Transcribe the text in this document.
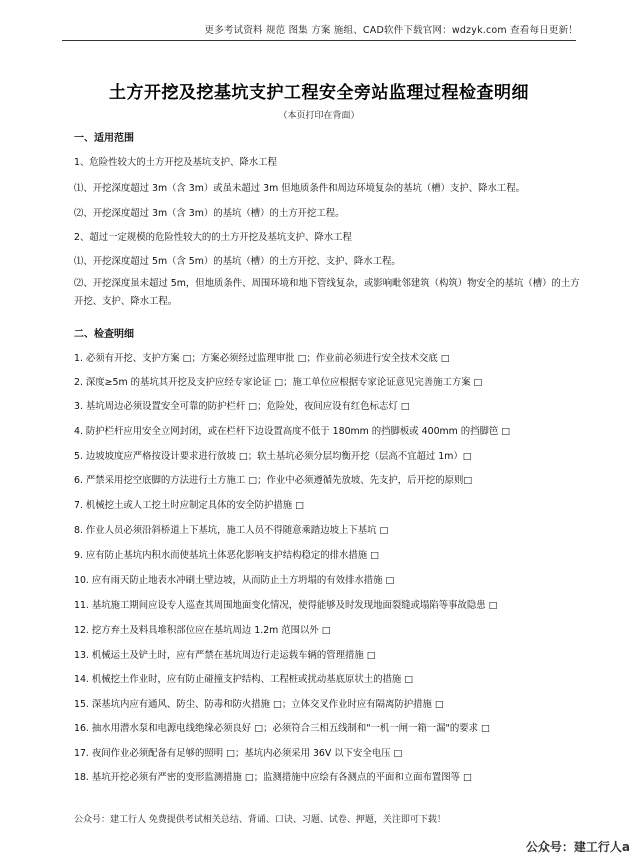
更多考试资料 规范 图集 方案 施组、CAD软件下载官网：wdzyk.com 查看每日更新！
土方开挖及挖基坑支护工程安全旁站监理过程检查明细
（本页打印在背面）
一、适用范围
1、危险性较大的土方开挖及基坑支护、降水工程
⑴、开挖深度超过 3m（含 3m）或虽未超过 3m 但地质条件和周边环境复杂的基坑（槽）支护、降水工程。
⑵、开挖深度超过 3m（含 3m）的基坑（槽）的土方开挖工程。
2、超过一定规模的危险性较大的的土方开挖及基坑支护、降水工程
⑴、开挖深度超过 5m（含 5m）的基坑（槽）的土方开挖、支护、降水工程。
⑵、开挖深度虽未超过 5m，但地质条件、周围环境和地下管线复杂，或影响毗邻建筑（构筑）物安全的基坑（槽）的土方开挖、支护、降水工程。
二、检查明细
1. 必须有开挖、支护方案 □；方案必须经过监理审批 □；作业前必须进行安全技术交底 □
2. 深度≥5m 的基坑其开挖及支护应经专家论证 □；施工单位应根据专家论证意见完善施工方案 □
3. 基坑周边必须设置安全可靠的防护栏杆 □；危险处，夜间应设有红色标志灯 □
4. 防护栏杆应用安全立网封闭，或在栏杆下边设置高度不低于 180mm 的挡脚板或 400mm 的挡脚笆 □
5. 边坡坡度应严格按设计要求进行放坡 □；软土基坑必须分层均衡开挖（层高不宜超过 1m）□
6. 严禁采用挖空底脚的方法进行土方施工 □；作业中必须遵循先放坡、先支护，后开挖的原则□
7. 机械挖土或人工挖土时应制定具体的安全防护措施 □
8. 作业人员必须沿斜桥道上下基坑，施工人员不得随意乘踏边坡上下基坑 □
9. 应有防止基坑内积水而使基坑土体恶化影响支护结构稳定的排水措施 □
10. 应有雨天防止地表水冲刷土壁边坡，从而防止土方坍塌的有效排水措施 □
11. 基坑施工期间应设专人巡查其周围地面变化情况，使得能够及时发现地面裂缝或塌陷等事故隐患 □
12. 挖方弃土及料具堆积部位应在基坑周边 1.2m 范围以外 □
13. 机械运土及铲土时，应有严禁在基坑周边行走运载车辆的管理措施 □
14. 机械挖土作业时，应有防止碰撞支护结构、工程桩或扰动基底原状土的措施 □
15. 深基坑内应有通风、防尘、防毒和防火措施 □；立体交叉作业时应有隔离防护措施 □
16. 抽水用潜水泵和电源电线绝缘必须良好 □；必须符合三相五线制和"一机一闸一箱一漏"的要求 □
17. 夜间作业必须配备有足够的照明 □；基坑内必须采用 36V 以下安全电压 □
18. 基坑开挖必须有严密的变形监测措施 □；监测措施中应绘有各测点的平面和立面布置图等 □
公众号：建工行人 免费提供考试相关总结、背诵、口诀、习题、试卷、押题，关注即可下载！
公众号：建工行人a
